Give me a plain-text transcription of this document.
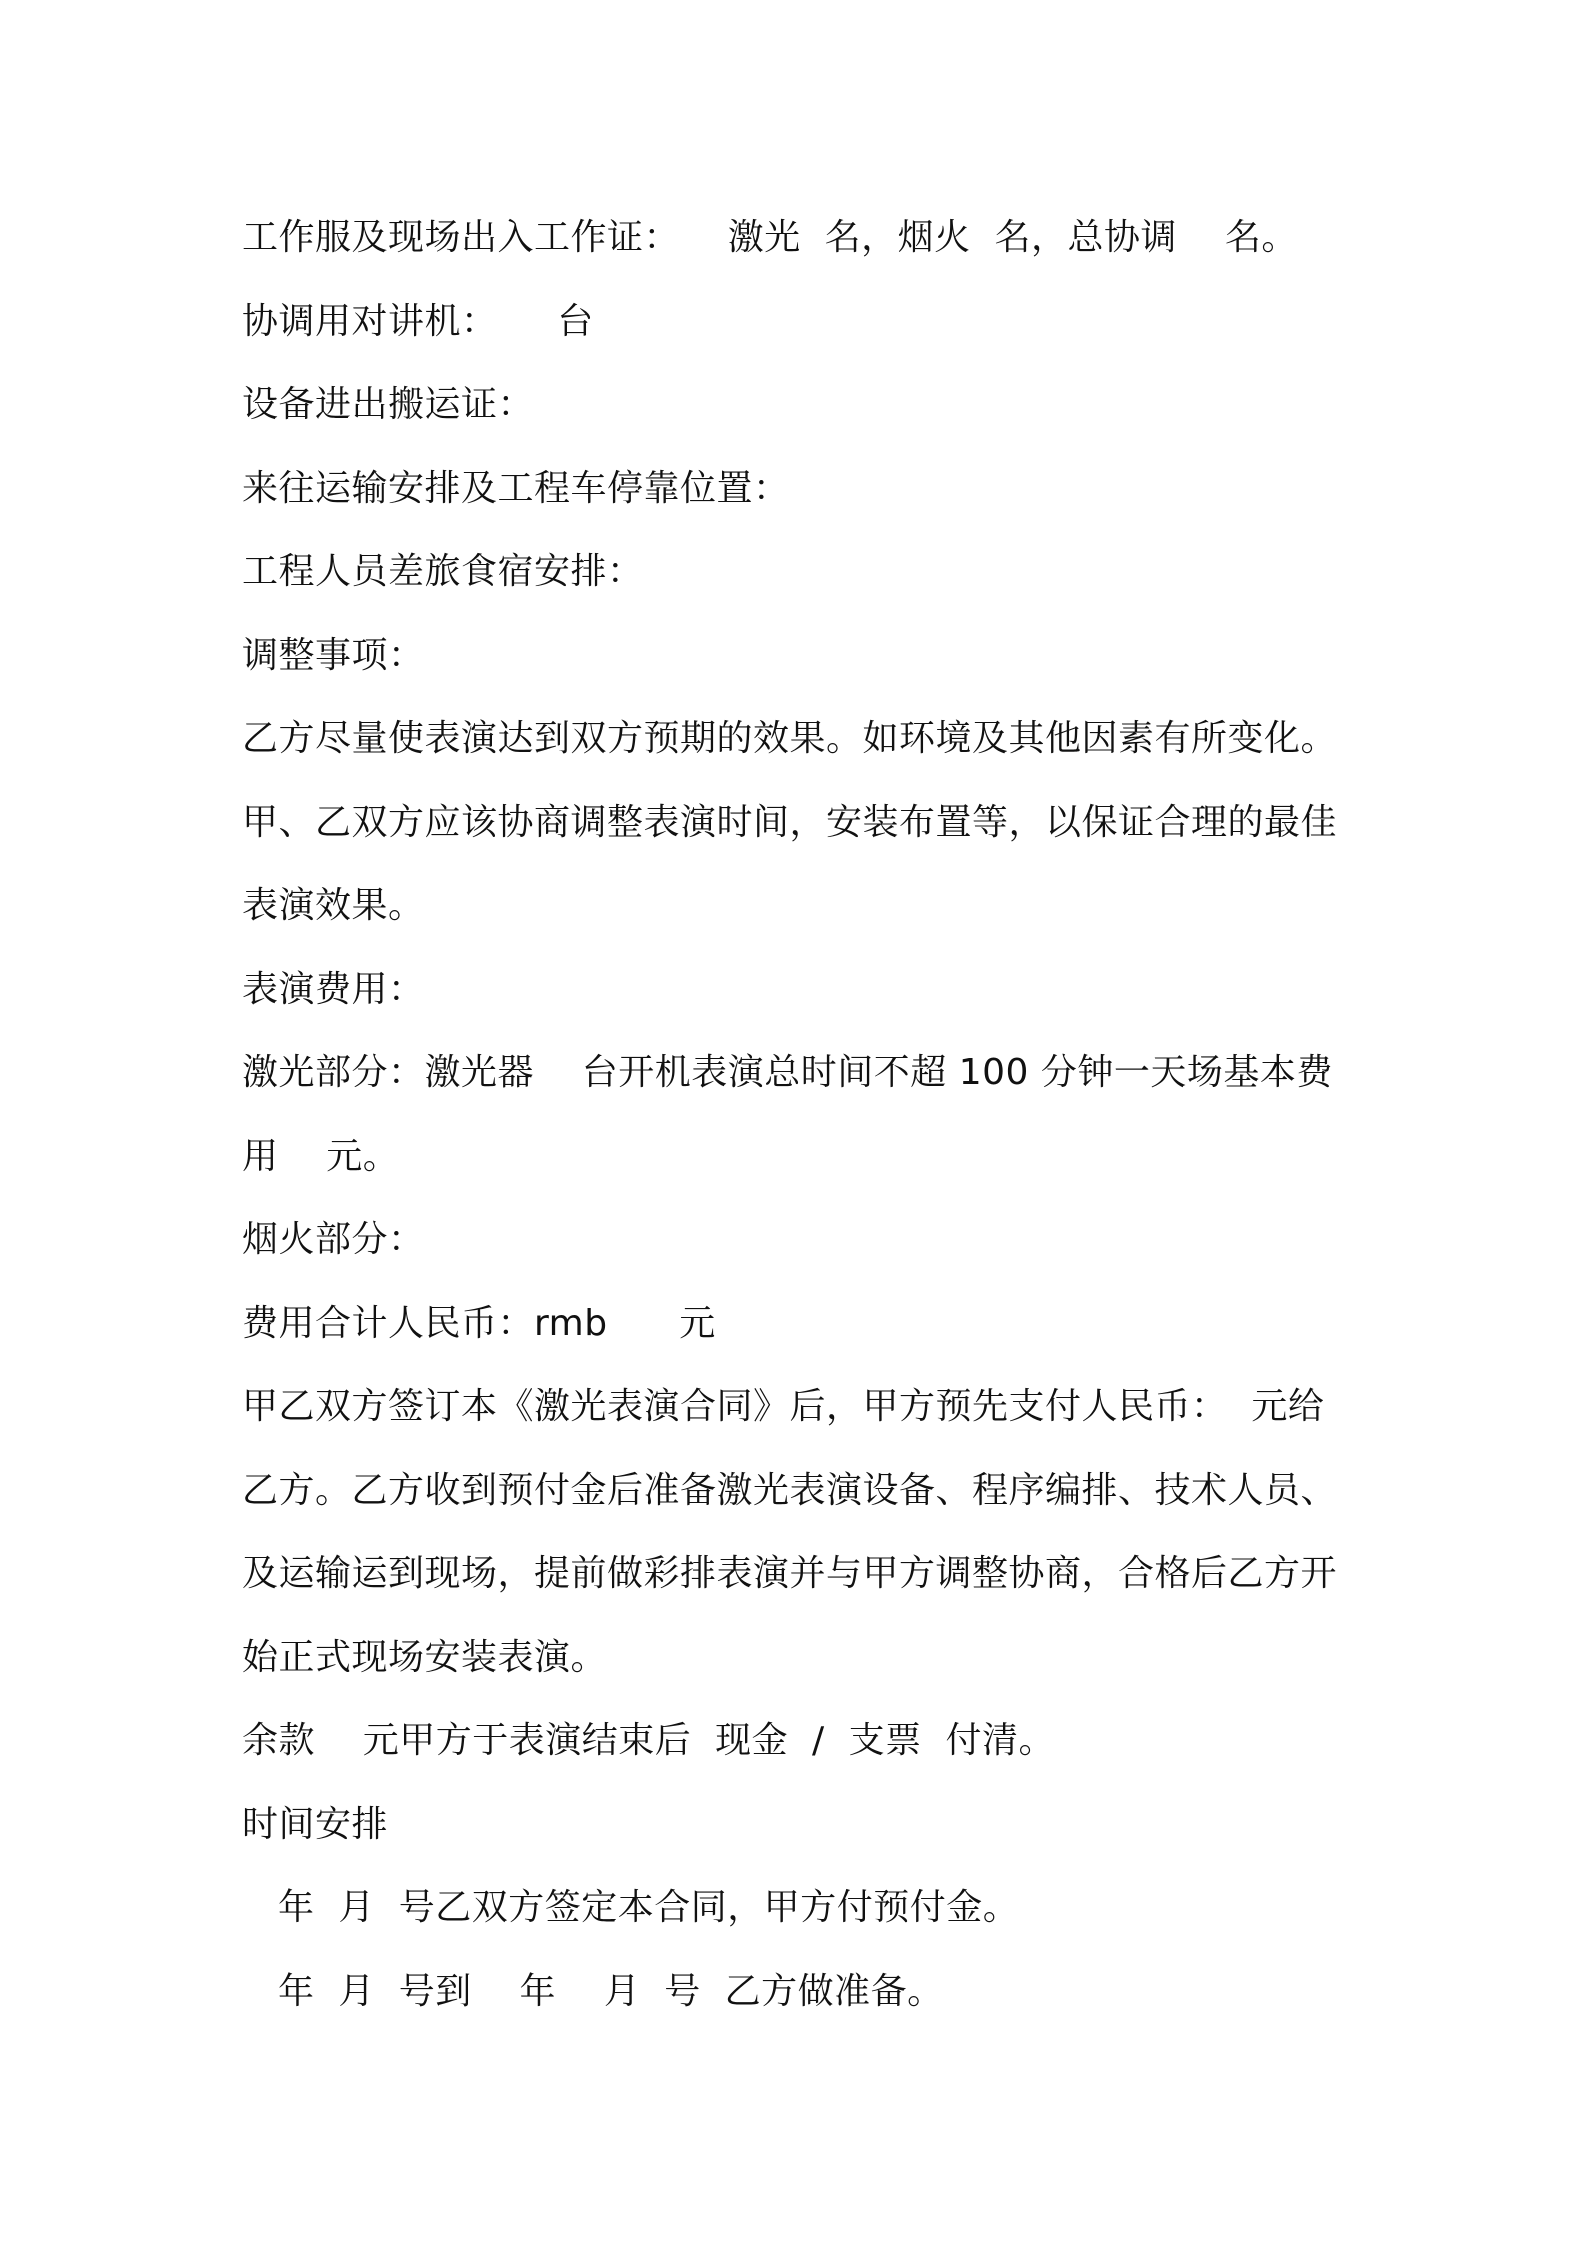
工作服及现场出入工作证：    激光  名，烟火  名，总协调    名。
协调用对讲机：     台
设备进出搬运证：
来往运输安排及工程车停靠位置：
工程人员差旅食宿安排：
调整事项：
乙方尽量使表演达到双方预期的效果。如环境及其他因素有所变化。
甲、乙双方应该协商调整表演时间，安装布置等，以保证合理的最佳
表演效果。
表演费用：
激光部分：激光器    台开机表演总时间不超 100 分钟一天场基本费
用    元。
烟火部分：
费用合计人民币：rmb      元
甲乙双方签订本《激光表演合同》后，甲方预先支付人民币：  元给
乙方。乙方收到预付金后准备激光表演设备、程序编排、技术人员、
及运输运到现场，提前做彩排表演并与甲方调整协商，合格后乙方开
始正式现场安装表演。
余款    元甲方于表演结束后  现金  /  支票  付清。
时间安排
年  月  号乙双方签定本合同，甲方付预付金。
年  月  号到    年    月  号  乙方做准备。
